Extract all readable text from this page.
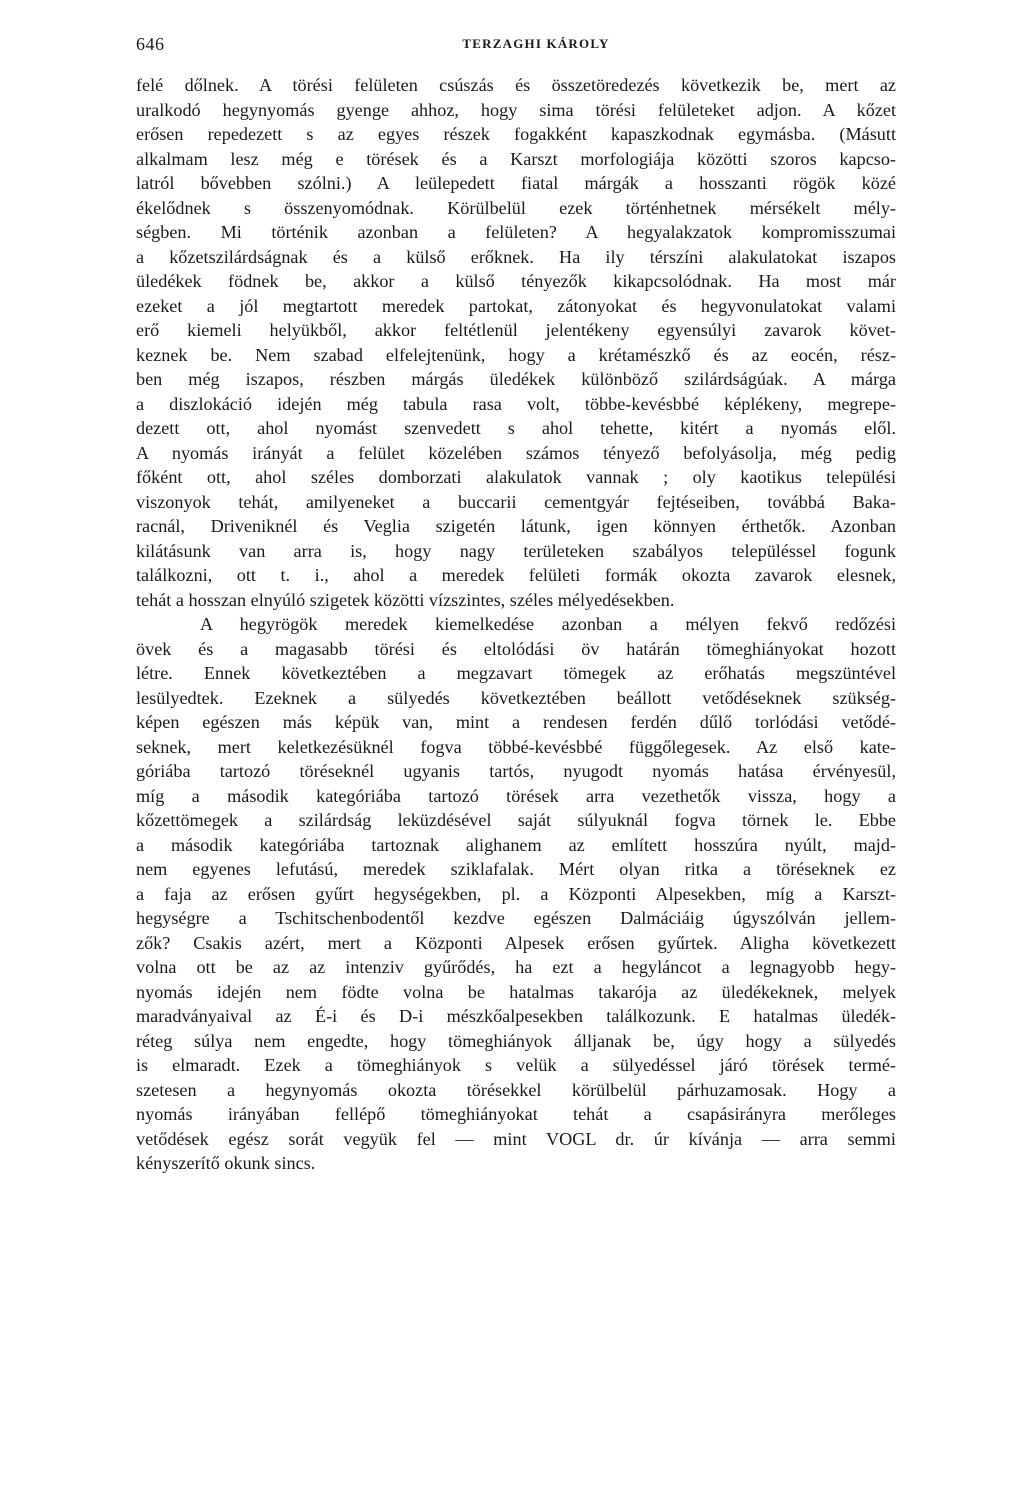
646	TERZAGHI KÁROLY
felé dőlnek. A törési felületen csúszás és összetöredezés következik be, mert az
uralkodó hegynyomás gyenge ahhoz, hogy sima törési felületeket adjon. A kőzet
erősen repedezett s az egyes részek fogakként kapaszkodnak egymásba. (Másutt
alkalmam lesz még e törések és a Karszt morfologiája közötti szoros kapcso-
latról bővebben szólni.) A leülepedett fiatal márgák a hosszanti rögök közé
ékelődnek s összenyomódnak. Körülbelül ezek történhetnek mérsékelt mély-
ségben. Mi történik azonban a felületen? A hegyalakzatok kompromisszumai
a kőzetszilárdságnak és a külső erőknek. Ha ily térszíni alakulatokat iszapos
üledékek födnek be, akkor a külső tényezők kikapcsolódnak. Ha most már
ezeket a jól megtartott meredek partokat, zátonyokat és hegyvonulatokat valami
erő kiemeli helyükből, akkor feltétlenül jelentékeny egyensúlyi zavarok követ-
keznek be. Nem szabad elfelejtenünk, hogy a krétamészkő és az eocén, rész-
ben még iszapos, részben márgás üledékek különböző szilárdságúak. A márga
a diszlokáció idején még tabula rasa volt, többe-kevésbbé képlékeny, megrepe-
dezett ott, ahol nyomást szenvedett s ahol tehette, kitért a nyomás elől.
A nyomás irányát a felület közelében számos tényező befolyásolja, még pedig
főként ott, ahol széles domborzati alakulatok vannak ; oly kaotikus települési
viszonyok tehát, amilyeneket a buccarii cementgyár fejtéseiben, továbbá Baka-
racnál, Driveniknél és Veglia szigetén látunk, igen könnyen érthetők. Azonban
kilátásunk van arra is, hogy nagy területeken szabályos településsel fogunk
találkozni, ott t. i., ahol a meredek felületi formák okozta zavarok elesnek,
tehát a hosszan elnyúló szigetek közötti vízszintes, széles mélyedésekben.
A hegyrögök meredek kiemelkedése azonban a mélyen fekvő redőzési
övek és a magasabb törési és eltolódási öv határán tömeghiányokat hozott
létre. Ennek következtében a megzavart tömegek az erőhatás megszüntével
lesülyedtek. Ezeknek a sülyedés következtében beállott vetődéseknek szükség-
képen egészen más képük van, mint a rendesen ferdén dűlő torlódási vetődé-
seknek, mert keletkezésüknél fogva többé-kevésbbé függőlegesek. Az első kate-
góriába tartozó töréseknél ugyanis tartós, nyugodt nyomás hatása érvényesül,
míg a második kategóriába tartozó törések arra vezethetők vissza, hogy a
kőzettömegek a szilárdság leküzdésével saját súlyuknál fogva törnek le. Ebbe
a második kategóriába tartoznak alighanem az említett hosszúra nyúlt, majd-
nem egyenes lefutású, meredek sziklafalak. Mért olyan ritka a töréseknek ez
a faja az erősen gyűrt hegységekben, pl. a Központi Alpesekben, míg a Karszt-
hegységre a Tschitschenbodentől kezdve egészen Dalmáciáig úgyszólván jellem-
zők? Csakis azért, mert a Központi Alpesek erősen gyűrtek. Aligha következett
volna ott be az az intenziv gyűrődés, ha ezt a hegyláncot a legnagyobb hegy-
nyomás idején nem födte volna be hatalmas takarója az üledékeknek, melyek
maradványaival az É-i és D-i mészkőalpesekben találkozunk. E hatalmas üledék-
réteg súlya nem engedte, hogy tömeghiányok álljanak be, úgy hogy a sülyedés
is elmaradt. Ezek a tömeghiányok s velük a sülyedéssel járó törések termé-
szetesen a hegynyomás okozta törésekkel körülbelül párhuzamosak. Hogy a
nyomás irányában fellépő tömeghiányokat tehát a csapásirányra merőleges
vetődések egész sorát vegyük fel — mint VOGL dr. úr kívánja — arra semmi
kényszerítő okunk sincs.
